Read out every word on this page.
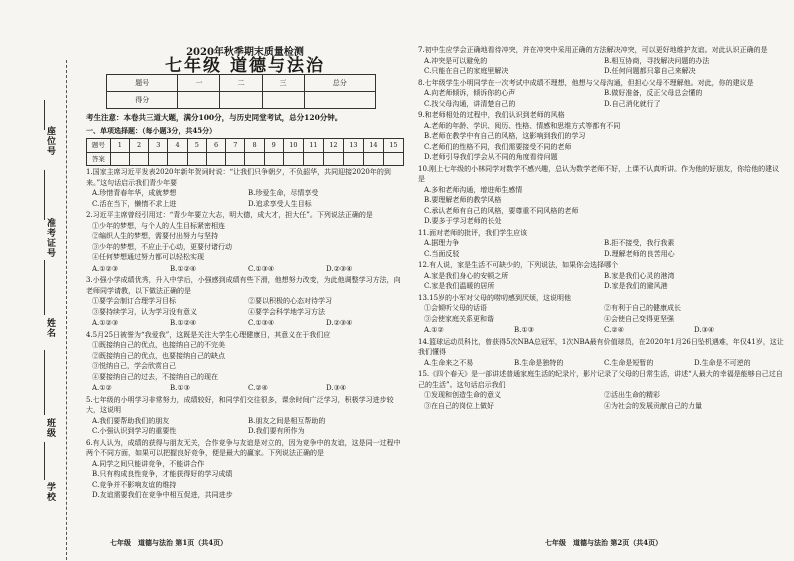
座位号
准考证号
姓名
班级
学校
2020年秋季期末质量检测
七年级 道德与法治
题号	一	二	三	总分
得分				
考生注意：本卷共三道大题，满分100分，与历史同堂考试，总分120分钟。
一、单项选择题：（每小题3分，共45分）
题号	1	2	3	4	5	6	7	8	9	10	11	12	13	14	15
答案															
1.国家主席习近平发表2020年新年贺词时说：“让我们只争朝夕，不负韶华，共同迎接2020年的到来。”这句话启示我们青少年要
A.珍惜青春年华，成就梦想	B.珍爱生命，尽情享受
C.活在当下，懒惰不求上进	D.追求享受人生目标
2.习近平主席曾经引用过：“青少年要立大志，明大德，成大才，担大任”。下列说法正确的是
①少年的梦想，与个人的人生目标紧密相连
②编织人生的梦想，需要付出努力与坚持
③少年的梦想，不应止于心动，更要付诸行动
④任何梦想通过努力都可以轻松实现
A.①②③	B.①②④	C.①③④	D.②③④
3.小强小学成绩优秀，升入中学后，小强感到成绩有些下滑，他想努力改变，为此他调整学习方法，向老师同学请教，以下做法正确的是
①要学会制订合理学习目标	②要以积极的心态对待学习
③要持续学习，认为学习没有意义	④要学会科学地学习方法
A.①②③	B.①②④	C.①③④	D.②③④
4.5月25日被誉为“我爱我”，这既是关注大学生心理健康日，其意义在于我们应
①既接纳自己的优点，也接纳自己的不完美
②既接纳自己的优点，也要接纳自己的缺点
③悦纳自己，学会欣赏自己
④要接纳自己的过去，不接纳自己的现在
A.①②	B.①③	C.②④	D.③④
5.七年级的小明学习非常努力，成绩较好，和同学们交往很多，课余时间广泛学习，积极学习进步较大，这说明
A.我们要帮助我们的朋友	B.朋友之间是相互帮助的
C.小强认识到学习的重要性	D.我们要有所作为
6.有人认为，成绩的获得与朋友无关，合作竞争与友谊是对立的，因为竞争中的友谊，这是同一过程中两个不同方面，如果可以把握良好竞争，便是最大的赢家。下列说法正确的是
A.同学之间只能讲竞争，不能讲合作
B.只有构成良性竞争，才能获得好的学习成绩
C.竞争并不影响友谊的维持
D.友谊需要我们在竞争中相互促进，共同进步
7.初中生应学会正确地看待冲突，并在冲突中采用正确的方法解决冲突，可以更好地维护友谊。对此认识正确的是
A.冲突是可以避免的	B.相互协商，寻找解决问题的办法
C.只能在自己的家庭里解决	D.任何问题都只靠自己来解决
8.七年级学生小明同学在一次考试中成绩不理想，他想与父母沟通，但担心父母不理解他。对此，你的建议是
A.向老师倾诉，倾诉你的心声	B.做好准备，反正父母总会懂的
C.找父母沟通，讲清楚自己的	D.自己消化就行了
9.和老师相处的过程中，我们认识到老师的风格
A.老师的年龄、学识、阅历、性格、情感和思维方式等都有不同
B.老师在教学中有自己的风格，这影响到我们的学习
C.老师们的性格不同，我们需要接受不同的老师
D.老师引导我们学会从不同的角度看待问题
10.刚上七年级的小林同学对数学不感兴趣，总认为数学老师不好，上课不认真听讲。作为他的好朋友，你给他的建议是
A.多和老师沟通，增进师生感情
B.要理解老师的教学风格
C.承认老师有自己的风格，要尊重不同风格的老师
D.要多于学习老师的长处
11.面对老师的批评，我们学生应该
A.据理力争	B.拒不接受，我行我素
C.当面反驳	D.理解老师的良苦用心
12.有人说，家是生活不可缺少的，下列说法，如果你会选择哪个
A.家是我们身心的安顿之所	B.家是我们心灵的港湾
C.家是我们温暖的居所	D.家是我们的避风港
13.15岁的小军对父母的唠叨感到厌烦，这说明他
①会倾听父母的话语	②有利于自己的健康成长
③会使家庭关系更和谐	④会使自己变得更坚强
A.①②	B.①③	C.②④	D.③④
14.篮球运动员科比，曾获得5次NBA总冠军，1次NBA最有价值球员，在2020年1月26日坠机遇难，年仅41岁，这让我们懂得
A.生命来之不易	B.生命是独特的	C.生命是短暂的	D.生命是不可逆的
15.《四个春天》是一部讲述普通家庭生活的纪录片，影片记录了父母的日常生活，讲述“人最大的幸福是能够自己过自己的生活”。这句话启示我们
①发现和创造生命的意义	②活出生命的精彩
③在自己的岗位上做好	④为社会的发展贡献自己的力量
七年级　道德与法治 第1页（共4页）	七年级　道德与法治 第2页（共4页）
